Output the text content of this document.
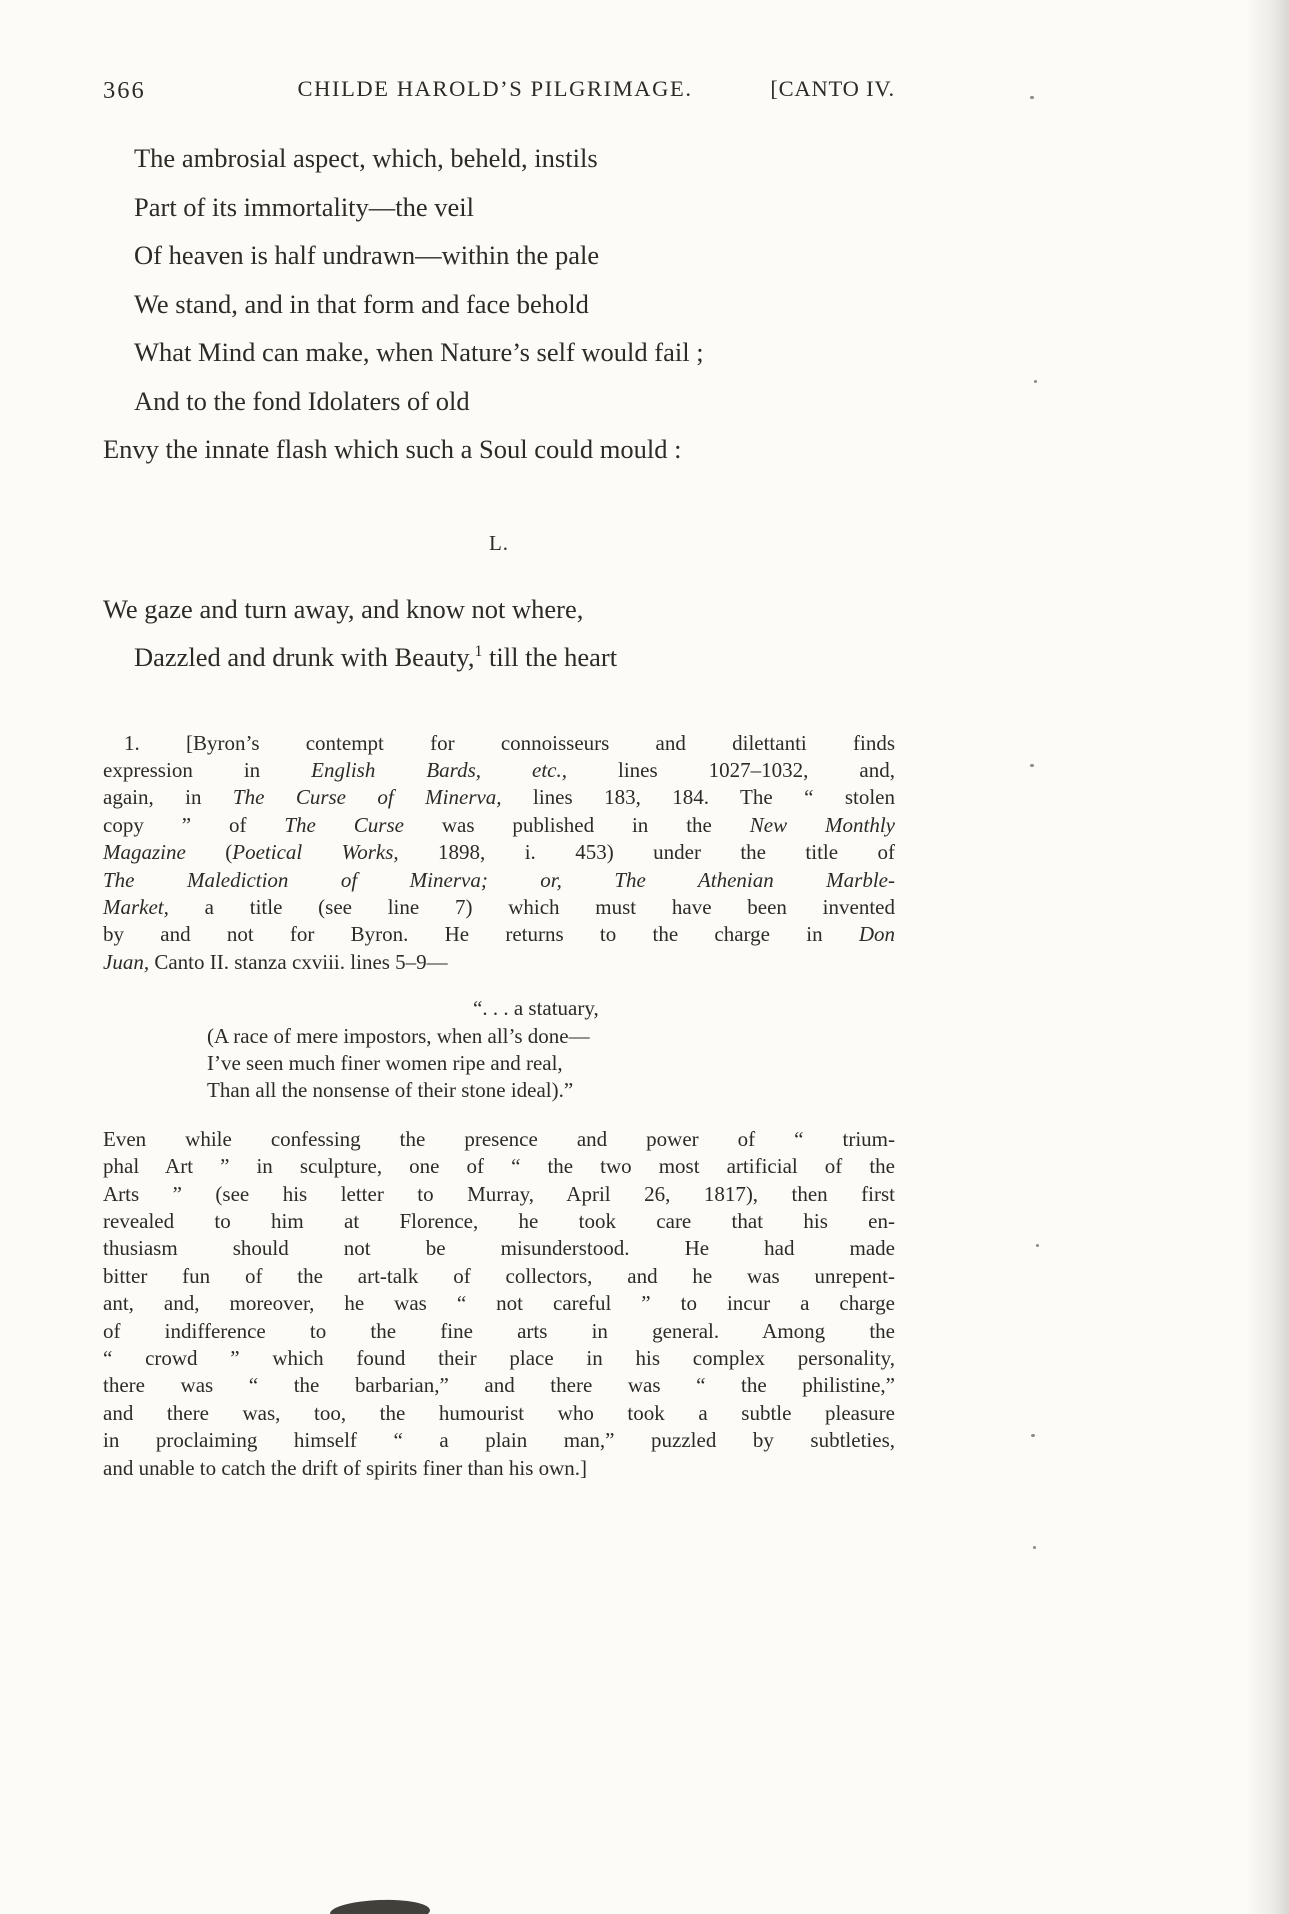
366	CHILDE HAROLD’S PILGRIMAGE.	[CANTO IV.
The ambrosial aspect, which, beheld, instils
Part of its immortality—the veil
Of heaven is half undrawn—within the pale
We stand, and in that form and face behold
What Mind can make, when Nature’s self would fail ;
And to the fond Idolaters of old
Envy the innate flash which such a Soul could mould :
L.
We gaze and turn away, and know not where,
Dazzled and drunk with Beauty,$^1$ till the heart
1. [Byron’s contempt for connoisseurs and dilettanti finds
expression in English Bards, etc., lines 1027–1032, and,
again, in The Curse of Minerva, lines 183, 184. The “ stolen
copy ” of The Curse was published in the New Monthly
Magazine (Poetical Works, 1898, i. 453) under the title of
The Malediction of Minerva; or, The Athenian Marble-
Market, a title (see line 7) which must have been invented
by and not for Byron. He returns to the charge in Don
Juan, Canto II. stanza cxviii. lines 5–9—
“. . . a statuary,
(A race of mere impostors, when all’s done—
I’ve seen much finer women ripe and real,
Than all the nonsense of their stone ideal).”
Even while confessing the presence and power of “ trium-
phal Art ” in sculpture, one of “ the two most artificial of the
Arts ” (see his letter to Murray, April 26, 1817), then first
revealed to him at Florence, he took care that his en-
thusiasm should not be misunderstood. He had made
bitter fun of the art-talk of collectors, and he was unrepent-
ant, and, moreover, he was “ not careful ” to incur a charge
of indifference to the fine arts in general. Among the
“ crowd ” which found their place in his complex personality,
there was “ the barbarian,” and there was “ the philistine,”
and there was, too, the humourist who took a subtle pleasure
in proclaiming himself “ a plain man,” puzzled by subtleties,
and unable to catch the drift of spirits finer than his own.]
